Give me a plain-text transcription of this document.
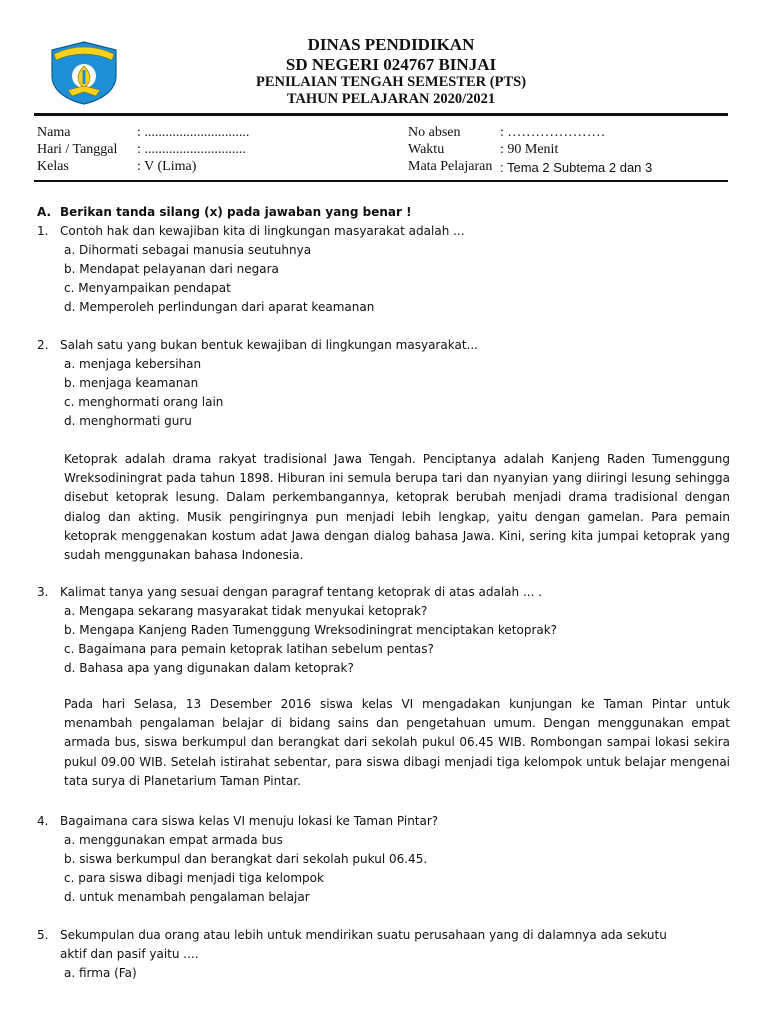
DINAS PENDIDIKAN
SD NEGERI 024767 BINJAI
PENILAIAN TENGAH SEMESTER (PTS)
TAHUN PELAJARAN 2020/2021
Nama	: ..............................
Hari / Tanggal : .............................
Kelas	: V (Lima)
No absen	: …………………
Waktu	: 90 Menit
Mata Pelajaran : Tema 2 Subtema 2 dan 3
A. Berikan tanda silang (x) pada jawaban yang benar !
1. Contoh hak dan kewajiban kita di lingkungan masyarakat adalah ...
a. Dihormati sebagai manusia seutuhnya
b. Mendapat pelayanan dari negara
c. Menyampaikan pendapat
d. Memperoleh perlindungan dari aparat keamanan
2. Salah satu yang bukan bentuk kewajiban di lingkungan masyarakat...
a. menjaga kebersihan
b. menjaga keamanan
c. menghormati orang lain
d. menghormati guru
Ketoprak adalah drama rakyat tradisional Jawa Tengah. Penciptanya adalah Kanjeng Raden Tumenggung Wreksodiningrat pada tahun 1898. Hiburan ini semula berupa tari dan nyanyian yang diiringi lesung sehingga disebut ketoprak lesung. Dalam perkembangannya, ketoprak berubah menjadi drama tradisional dengan dialog dan akting. Musik pengiringnya pun menjadi lebih lengkap, yaitu dengan gamelan. Para pemain ketoprak menggenakan kostum adat Jawa dengan dialog bahasa Jawa. Kini, sering kita jumpai ketoprak yang sudah menggunakan bahasa Indonesia.
3. Kalimat tanya yang sesuai dengan paragraf tentang ketoprak di atas adalah ... .
a. Mengapa sekarang masyarakat tidak menyukai ketoprak?
b. Mengapa Kanjeng Raden Tumenggung Wreksodiningrat menciptakan ketoprak?
c. Bagaimana para pemain ketoprak latihan sebelum pentas?
d. Bahasa apa yang digunakan dalam ketoprak?
Pada hari Selasa, 13 Desember 2016 siswa kelas VI mengadakan kunjungan ke Taman Pintar untuk menambah pengalaman belajar di bidang sains dan pengetahuan umum. Dengan menggunakan empat armada bus, siswa berkumpul dan berangkat dari sekolah pukul 06.45 WIB. Rombongan sampai lokasi sekira pukul 09.00 WIB. Setelah istirahat sebentar, para siswa dibagi menjadi tiga kelompok untuk belajar mengenai tata surya di Planetarium Taman Pintar.
4. Bagaimana cara siswa kelas VI menuju lokasi ke Taman Pintar?
a. menggunakan empat armada bus
b. siswa berkumpul dan berangkat dari sekolah pukul 06.45.
c. para siswa dibagi menjadi tiga kelompok
d. untuk menambah pengalaman belajar
5. Sekumpulan dua orang atau lebih untuk mendirikan suatu perusahaan yang di dalamnya ada sekutu
aktif dan pasif yaitu ....
a. firma (Fa)
